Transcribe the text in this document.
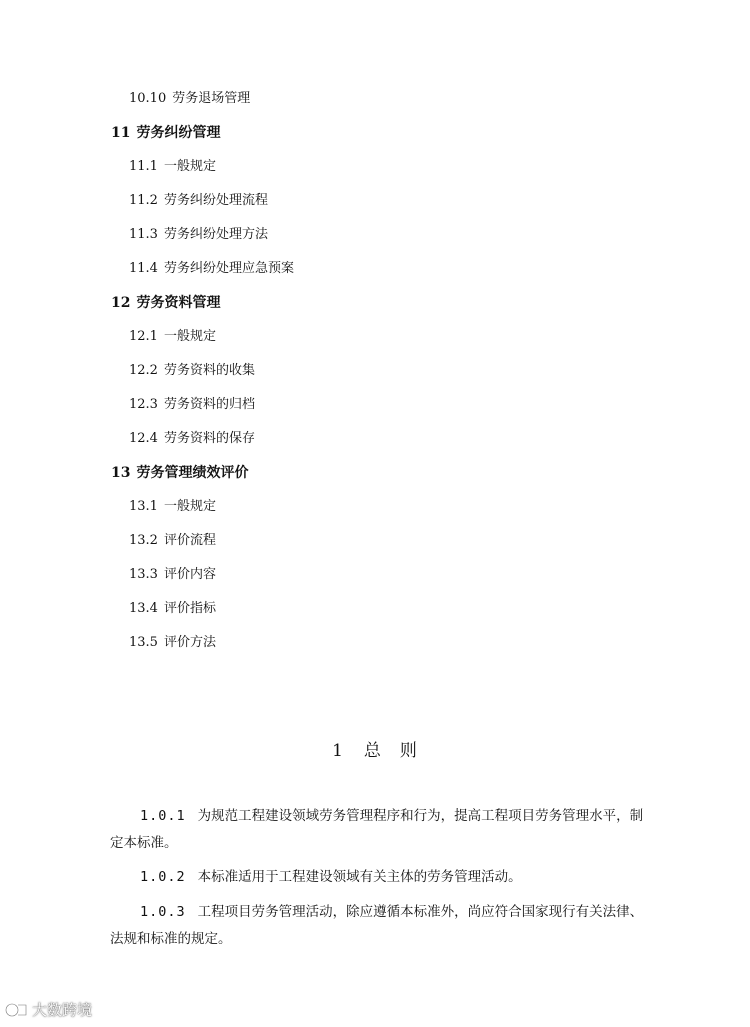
10.10 劳务退场管理
11 劳务纠纷管理
11.1 一般规定
11.2 劳务纠纷处理流程
11.3 劳务纠纷处理方法
11.4 劳务纠纷处理应急预案
12 劳务资料管理
12.1 一般规定
12.2 劳务资料的收集
12.3 劳务资料的归档
12.4 劳务资料的保存
13 劳务管理绩效评价
13.1 一般规定
13.2 评价流程
13.3 评价内容
13.4 评价指标
13.5 评价方法
1 总　则
1.0.1 为规范工程建设领域劳务管理程序和行为，提高工程项目劳务管理水平，制定本标准。
1.0.2 本标准适用于工程建设领域有关主体的劳务管理活动。
1.0.3 工程项目劳务管理活动，除应遵循本标准外，尚应符合国家现行有关法律、法规和标准的规定。
大数跨境
